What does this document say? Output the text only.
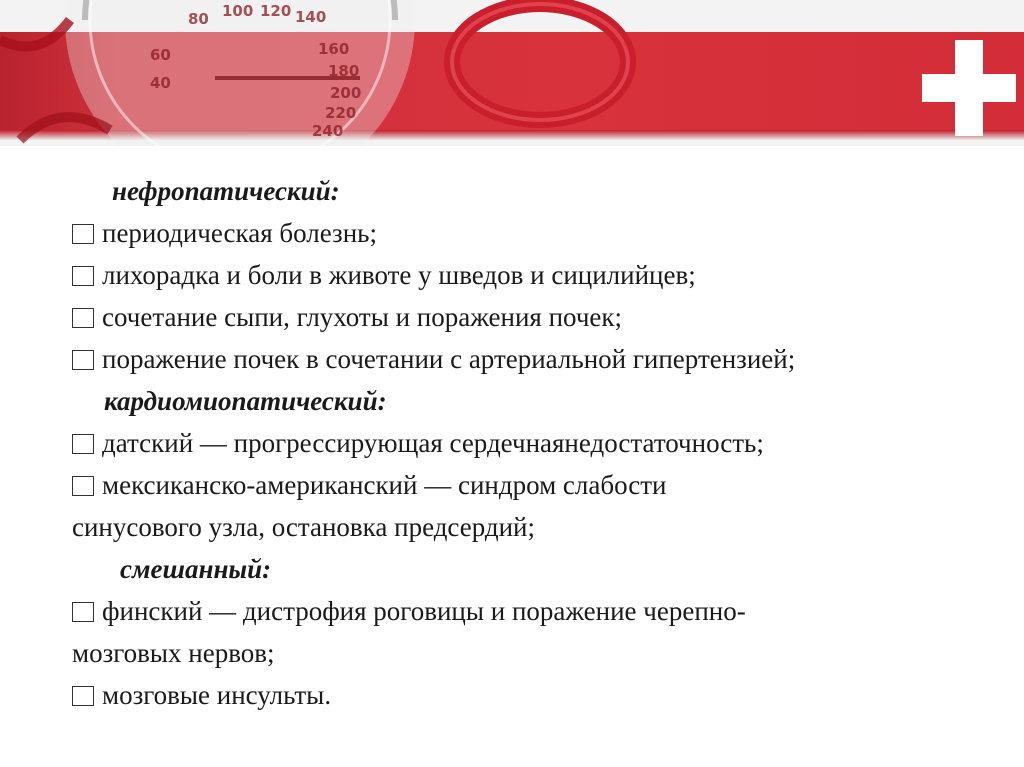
80 100 120 140
160
180
200
220
240
60
40
нефропатический:
периодическая болезнь;
лихорадка и боли в животе у шведов и сицилийцев;
сочетание сыпи, глухоты и поражения почек;
поражение почек в сочетании с артериальной гипертензией;
кардиомиопатический:
датский — прогрессирующая сердечнаянедостаточность;
мексиканско-американский — синдром слабости
синусового узла, остановка предсердий;
смешанный:
финский — дистрофия роговицы и поражение черепно-
мозговых нервов;
мозговые инсульты.
